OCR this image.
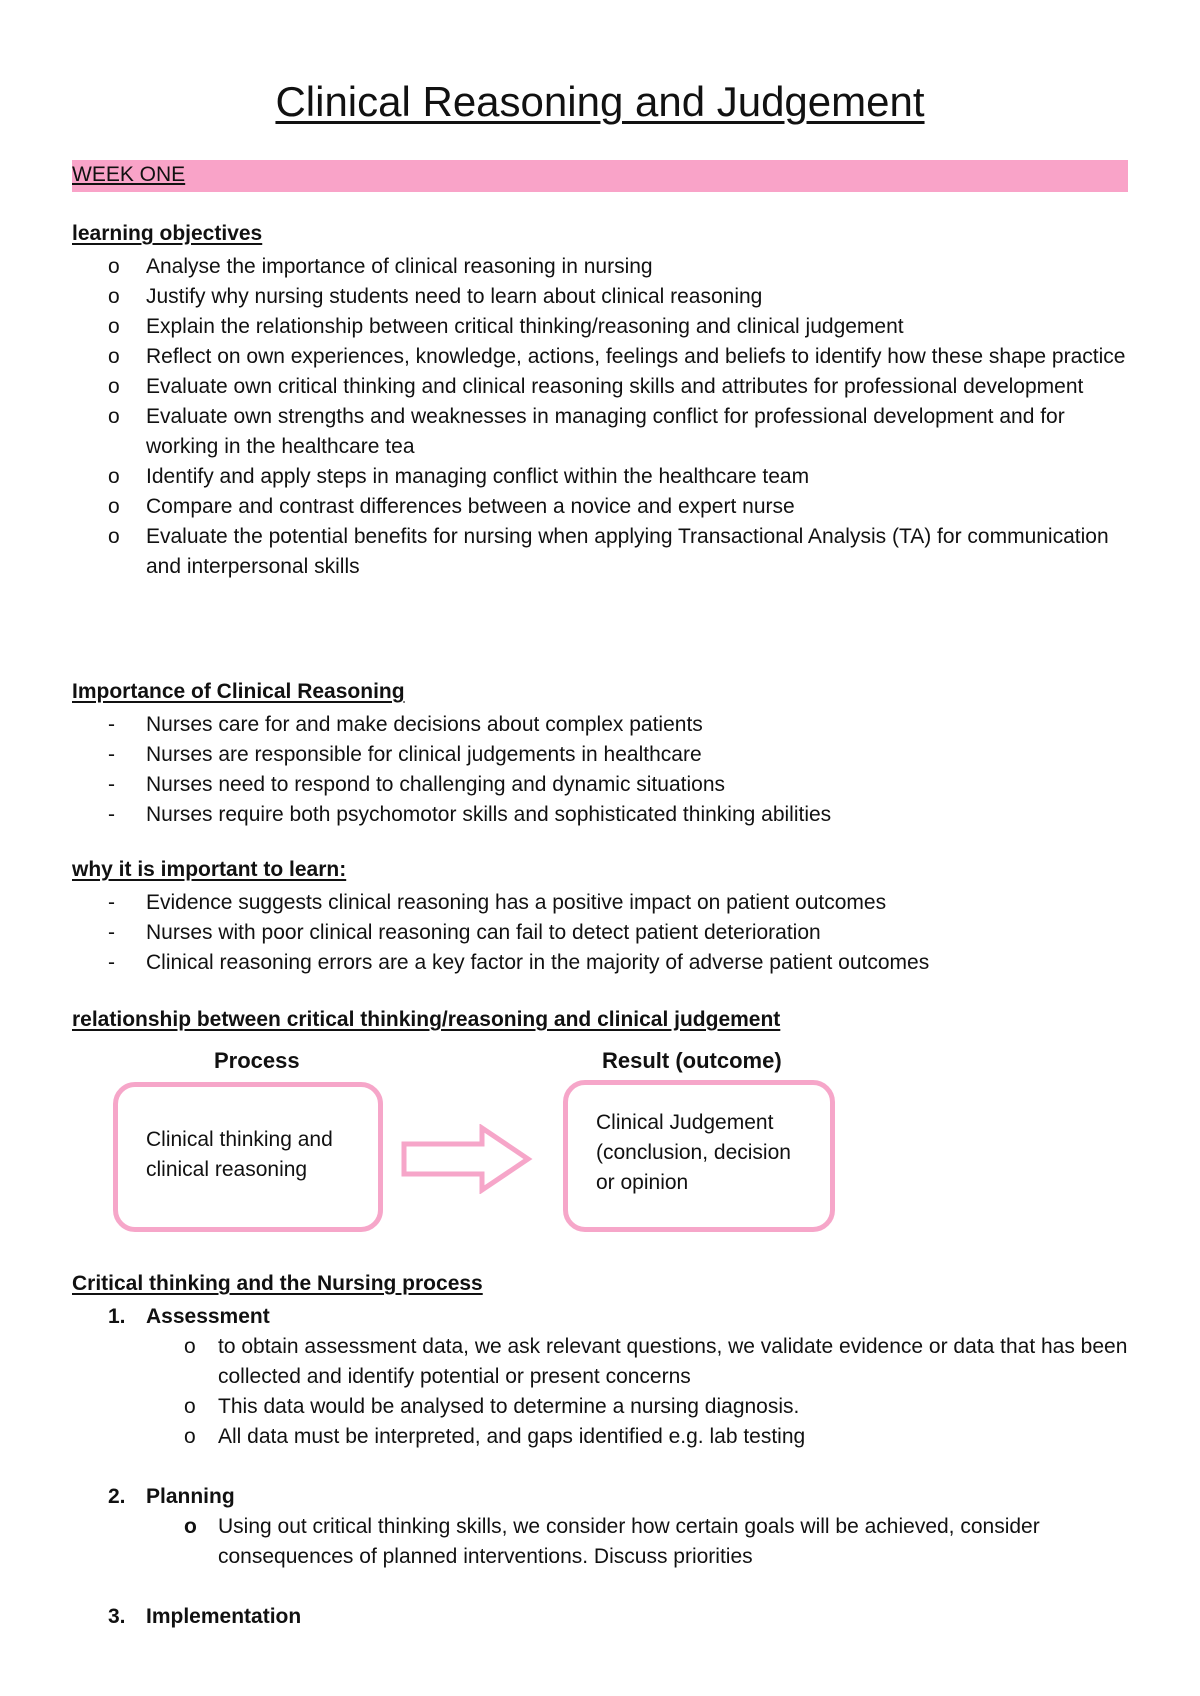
Clinical Reasoning and Judgement
WEEK ONE
learning objectives
o	Analyse the importance of clinical reasoning in nursing
o	Justify why nursing students need to learn about clinical reasoning
o	Explain the relationship between critical thinking/reasoning and clinical judgement
o	Reflect on own experiences, knowledge, actions, feelings and beliefs to identify how these shape practice
o	Evaluate own critical thinking and clinical reasoning skills and attributes for professional development
o	Evaluate own strengths and weaknesses in managing conflict for professional development and for working in the healthcare tea
o	Identify and apply steps in managing conflict within the healthcare team
o	Compare and contrast differences between a novice and expert nurse
o	Evaluate the potential benefits for nursing when applying Transactional Analysis (TA) for communication and interpersonal skills
Importance of Clinical Reasoning
-	Nurses care for and make decisions about complex patients
-	Nurses are responsible for clinical judgements in healthcare
-	Nurses need to respond to challenging and dynamic situations
-	Nurses require both psychomotor skills and sophisticated thinking abilities
why it is important to learn:
-	Evidence suggests clinical reasoning has a positive impact on patient outcomes
-	Nurses with poor clinical reasoning can fail to detect patient deterioration
-	Clinical reasoning errors are a key factor in the majority of adverse patient outcomes
relationship between critical thinking/reasoning and clinical judgement
Process	Result (outcome)
Clinical thinking and
clinical reasoning
Clinical Judgement
(conclusion, decision
or opinion
Critical thinking and the Nursing process
1. Assessment
o	to obtain assessment data, we ask relevant questions, we validate evidence or data that has been collected and identify potential or present concerns
o	This data would be analysed to determine a nursing diagnosis.
o	All data must be interpreted, and gaps identified e.g. lab testing
2. Planning
o	Using out critical thinking skills, we consider how certain goals will be achieved, consider consequences of planned interventions. Discuss priorities
3. Implementation
